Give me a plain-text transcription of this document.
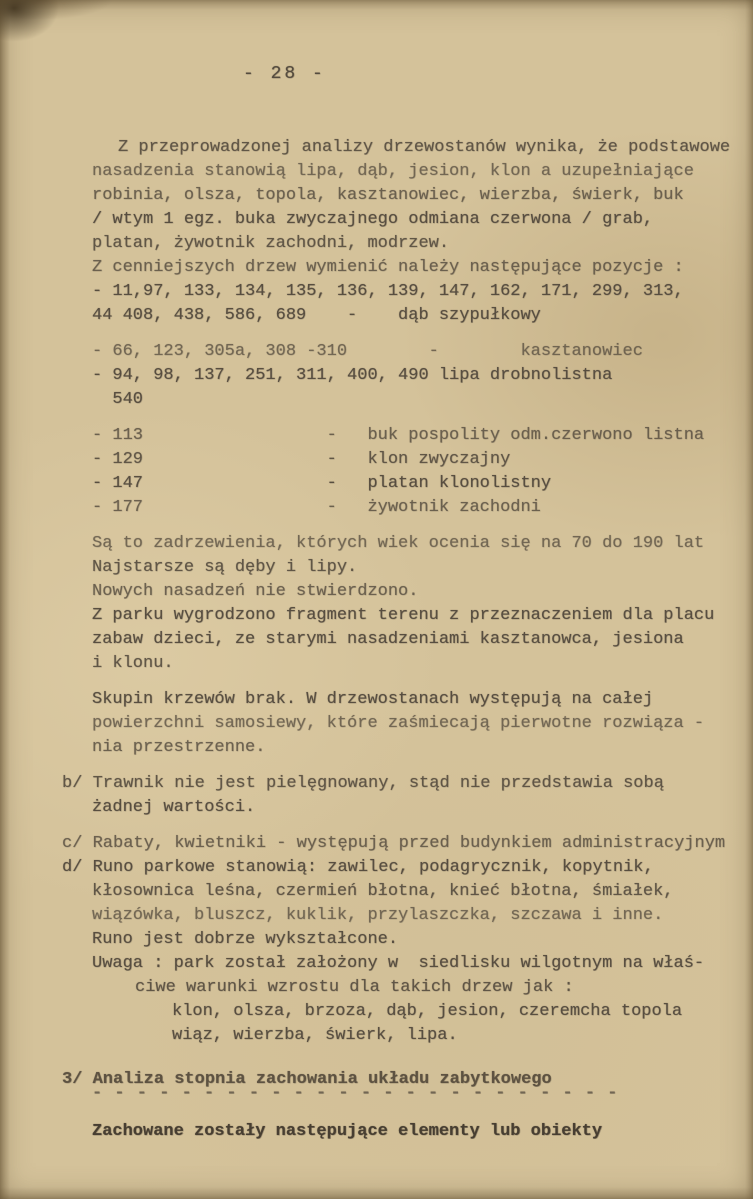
- 28 -
Z przeprowadzonej analizy drzewostanów wynika, że podstawowe
nasadzenia stanowią lipa, dąb, jesion, klon a uzupełniające
robinia, olsza, topola, kasztanowiec, wierzba, świerk, buk
/ wtym 1 egz. buka zwyczajnego odmiana czerwona / grab,
platan, żywotnik zachodni, modrzew.
Z cenniejszych drzew wymienić należy następujące pozycje :
- 11,97, 133, 134, 135, 136, 139, 147, 162, 171, 299, 313,
44 408, 438, 586, 689    -    dąb szypułkowy
- 66, 123, 305a, 308 -310        -        kasztanowiec
- 94, 98, 137, 251, 311, 400, 490 lipa drobnolistna
540
- 113                  -   buk pospolity odm.czerwono listna
- 129                  -   klon zwyczajny
- 147                  -   platan klonolistny
- 177                  -   żywotnik zachodni
Są to zadrzewienia, których wiek ocenia się na 70 do 190 lat
Najstarsze są dęby i lipy.
Nowych nasadzeń nie stwierdzono.
Z parku wygrodzono fragment terenu z przeznaczeniem dla placu
zabaw dzieci, ze starymi nasadzeniami kasztanowca, jesiona
i klonu.
Skupin krzewów brak. W drzewostanach występują na całej
powierzchni samosiewy, które zaśmiecają pierwotne rozwiąza -
nia przestrzenne.
b/ Trawnik nie jest pielęgnowany, stąd nie przedstawia sobą
żadnej wartości.
c/ Rabaty, kwietniki - występują przed budynkiem administracyjnym
d/ Runo parkowe stanowią: zawilec, podagrycznik, kopytnik,
kłosownica leśna, czermień błotna, knieć błotna, śmiałek,
wiązówka, bluszcz, kuklik, przylaszczka, szczawa i inne.
Runo jest dobrze wykształcone.
Uwaga : park został założony w  siedlisku wilgotnym na właś-
ciwe warunki wzrostu dla takich drzew jak :
klon, olsza, brzoza, dąb, jesion, czeremcha topola
wiąz, wierzba, świerk, lipa.
3/ Analiza stopnia zachowania układu zabytkowego
- - - - - - - - - - - - - - - - - - - - - - - -
Zachowane zostały następujące elementy lub obiekty
